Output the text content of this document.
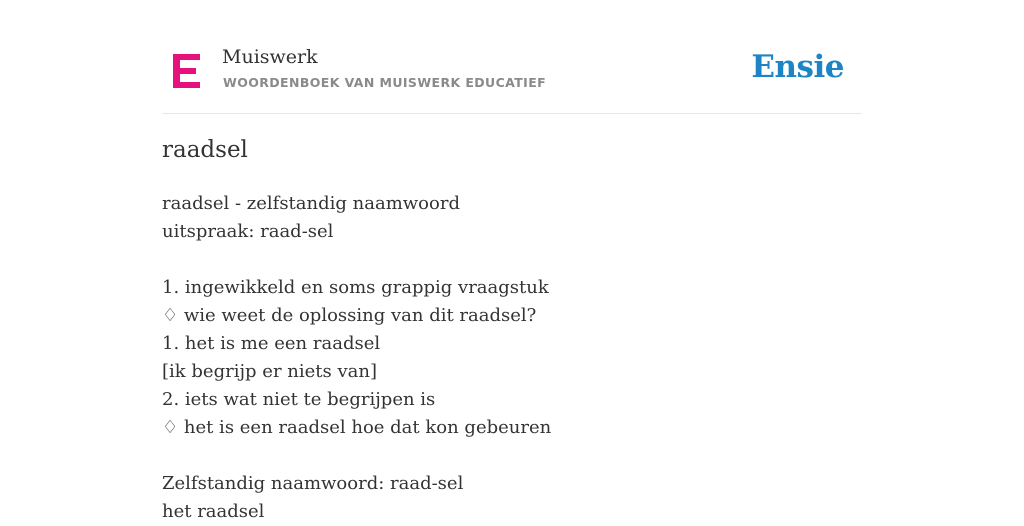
Muiswerk
WOORDENBOEK VAN MUISWERK EDUCATIEF	Ensie
raadsel
raadsel - zelfstandig naamwoord
uitspraak: raad-sel
1. ingewikkeld en soms grappig vraagstuk
♢ wie weet de oplossing van dit raadsel?
1. het is me een raadsel
[ik begrijp er niets van]
2. iets wat niet te begrijpen is
♢ het is een raadsel hoe dat kon gebeuren
Zelfstandig naamwoord: raad-sel
het raadsel
